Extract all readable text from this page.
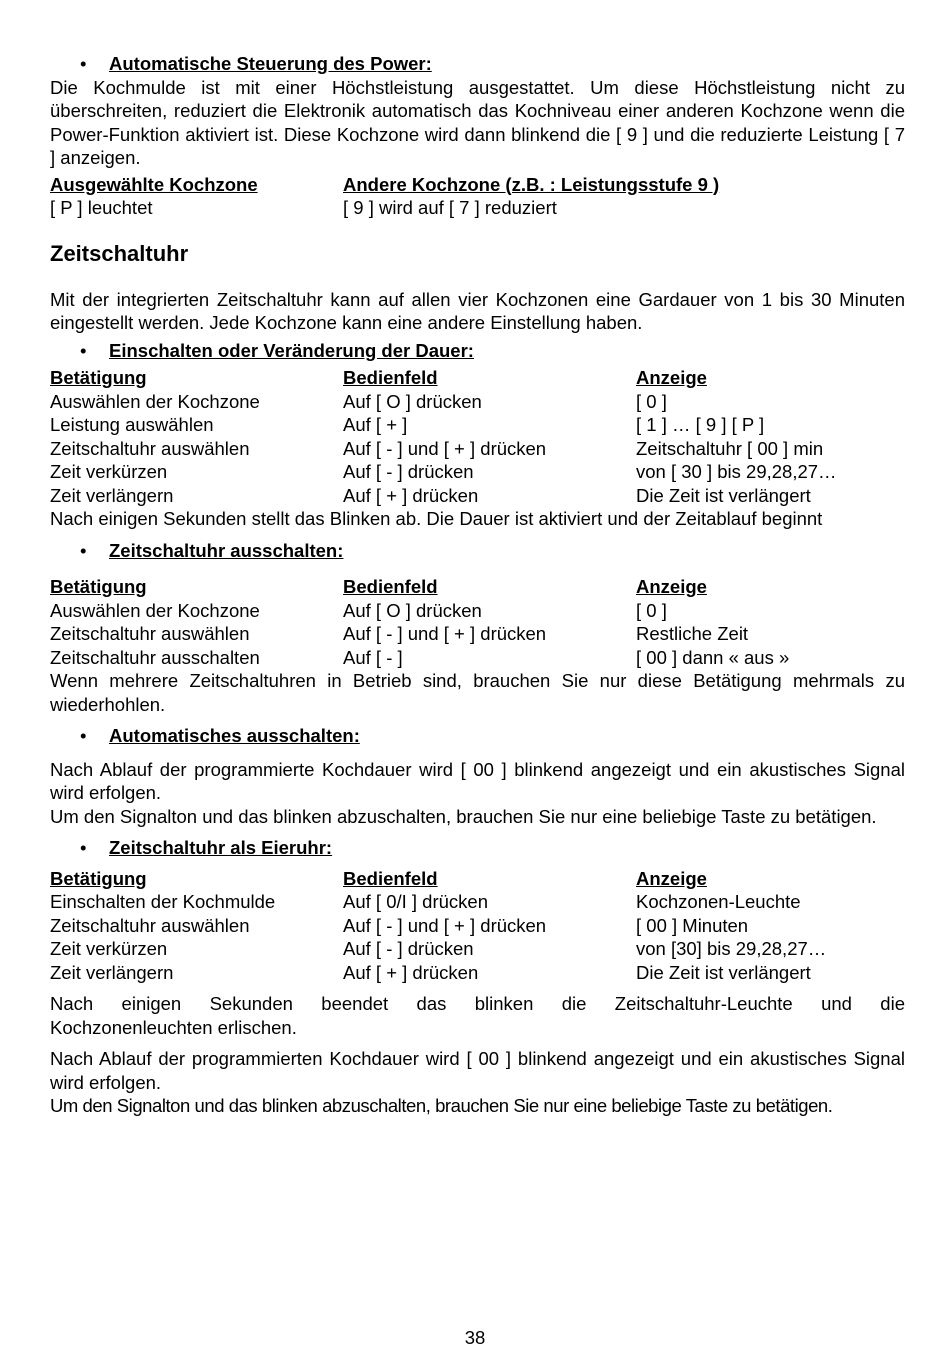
• Automatische Steuerung des Power:
Die Kochmulde ist mit einer Höchstleistung ausgestattet. Um diese Höchstleistung nicht zu überschreiten, reduziert die Elektronik automatisch das Kochniveau einer anderen Kochzone wenn die Power-Funktion aktiviert ist. Diese Kochzone wird dann blinkend die [ 9 ] und die reduzierte Leistung [ 7 ] anzeigen.
Ausgewählte Kochzone	Andere Kochzone (z.B. : Leistungsstufe 9 )
[ P ] leuchtet	[ 9 ] wird auf [ 7 ] reduziert
Zeitschaltuhr
Mit der integrierten Zeitschaltuhr kann auf allen vier Kochzonen eine Gardauer von 1 bis 30 Minuten eingestellt werden. Jede Kochzone kann eine andere Einstellung haben.
• Einschalten oder Veränderung der Dauer:
Betätigung	Bedienfeld	Anzeige
Auswählen der Kochzone	Auf [ O ] drücken	[ 0 ]
Leistung auswählen	Auf [ + ]	[ 1 ] … [ 9 ] [ P ]
Zeitschaltuhr auswählen	Auf [ - ] und [ + ] drücken	Zeitschaltuhr [ 00 ] min
Zeit verkürzen	Auf [ - ] drücken	von [ 30 ] bis 29,28,27…
Zeit verlängern	Auf [ + ] drücken	Die Zeit ist verlängert
Nach einigen Sekunden stellt das Blinken ab. Die Dauer ist aktiviert und der Zeitablauf beginnt
• Zeitschaltuhr ausschalten:
Betätigung	Bedienfeld	Anzeige
Auswählen der Kochzone	Auf [ O ] drücken	[ 0 ]
Zeitschaltuhr auswählen	Auf [ - ] und [ + ] drücken	Restliche Zeit
Zeitschaltuhr ausschalten	Auf [ - ]	[ 00 ] dann « aus »
Wenn mehrere Zeitschaltuhren in Betrieb sind, brauchen Sie nur diese Betätigung mehrmals zu wiederhohlen.
• Automatisches ausschalten:
Nach Ablauf der programmierte Kochdauer wird [ 00 ] blinkend angezeigt und ein akustisches Signal wird erfolgen.
Um den Signalton und das blinken abzuschalten, brauchen Sie nur eine beliebige Taste zu betätigen.
• Zeitschaltuhr als Eieruhr:
Betätigung	Bedienfeld	Anzeige
Einschalten der Kochmulde	Auf [ 0/I ] drücken	Kochzonen-Leuchte
Zeitschaltuhr auswählen	Auf [ - ] und [ + ] drücken	[ 00 ] Minuten
Zeit verkürzen	Auf [ - ] drücken	von [30] bis 29,28,27…
Zeit verlängern	Auf [ + ] drücken	Die Zeit ist verlängert
Nach einigen Sekunden beendet das blinken die Zeitschaltuhr-Leuchte und die
Kochzonenleuchten erlischen.
Nach Ablauf der programmierten Kochdauer wird [ 00 ] blinkend angezeigt und ein akustisches Signal wird erfolgen.
Um den Signalton und das blinken abzuschalten, brauchen Sie nur eine beliebige Taste zu betätigen.
38
